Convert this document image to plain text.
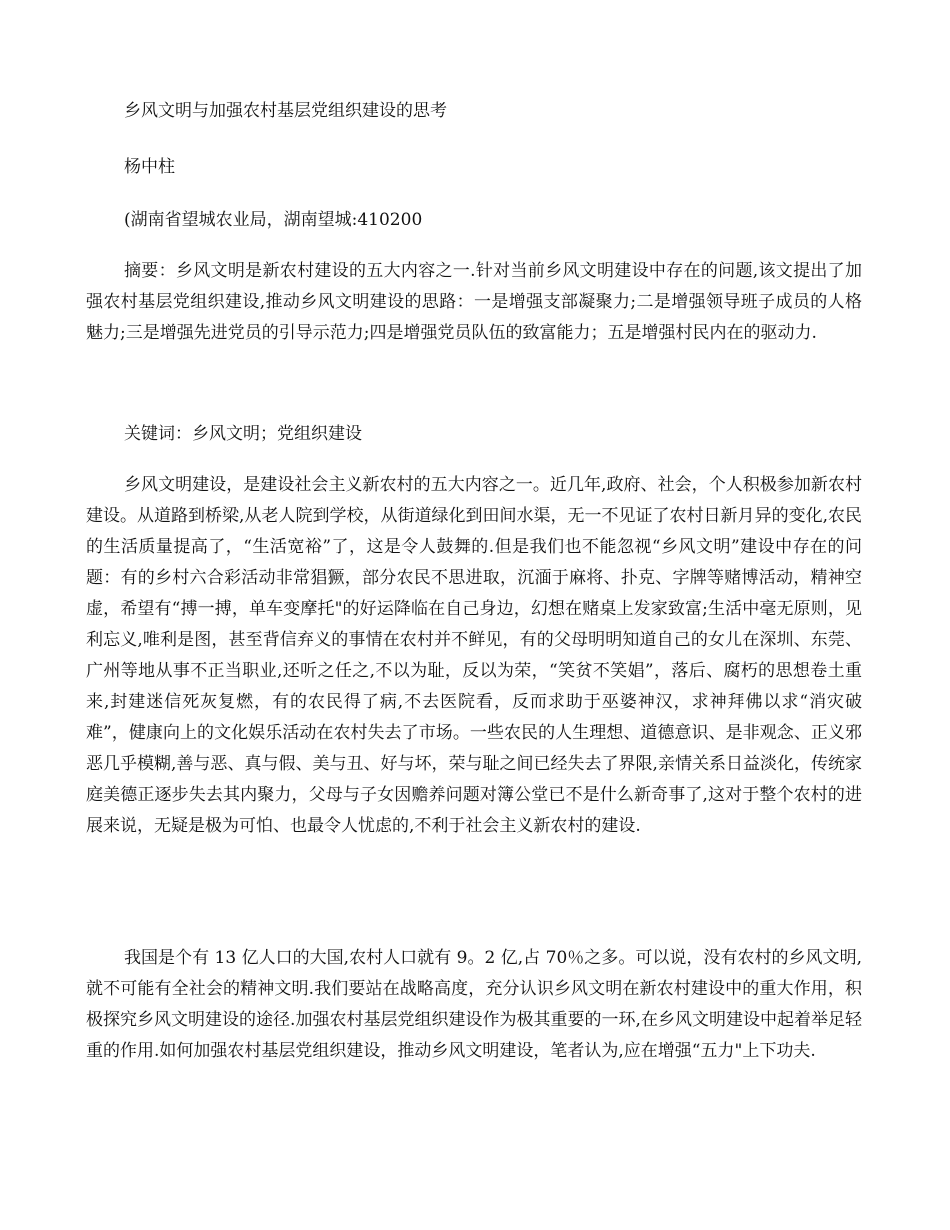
乡风文明与加强农村基层党组织建设的思考
杨中柱
(湖南省望城农业局，湖南望城:410200

摘要：乡风文明是新农村建设的五大内容之一.针对当前乡风文明建设中存在的问题,该文提出了加强农村基层党组织建设,推动乡风文明建设的思路：一是增强支部凝聚力;二是增强领导班子成员的人格魅力;三是增强先进党员的引导示范力;四是增强党员队伍的致富能力；五是增强村民内在的驱动力.

关键词：乡风文明；党组织建设

乡风文明建设，是建设社会主义新农村的五大内容之一。近几年,政府、社会，个人积极参加新农村建设。从道路到桥梁,从老人院到学校，从街道绿化到田间水渠，无一不见证了农村日新月异的变化,农民的生活质量提高了，“生活宽裕”了，这是令人鼓舞的.但是我们也不能忽视“乡风文明”建设中存在的问题：有的乡村六合彩活动非常猖獗，部分农民不思进取，沉湎于麻将、扑克、字牌等赌博活动，精神空虚，希望有“搏一搏，单车变摩托"的好运降临在自己身边，幻想在赌桌上发家致富;生活中毫无原则，见利忘义,唯利是图，甚至背信弃义的事情在农村并不鲜见，有的父母明明知道自己的女儿在深圳、东莞、广州等地从事不正当职业,还听之任之,不以为耻，反以为荣，“笑贫不笑娼”，落后、腐朽的思想卷土重来,封建迷信死灰复燃，有的农民得了病,不去医院看，反而求助于巫婆神汉，求神拜佛以求“消灾破难”，健康向上的文化娱乐活动在农村失去了市场。一些农民的人生理想、道德意识、是非观念、正义邪恶几乎模糊,善与恶、真与假、美与丑、好与坏，荣与耻之间已经失去了界限,亲情关系日益淡化，传统家庭美德正逐步失去其内聚力，父母与子女因赡养问题对簿公堂已不是什么新奇事了,这对于整个农村的进展来说，无疑是极为可怕、也最令人忧虑的,不利于社会主义新农村的建设.

我国是个有 13 亿人口的大国,农村人口就有 9。2 亿,占 70％之多。可以说，没有农村的乡风文明,就不可能有全社会的精神文明.我们要站在战略高度，充分认识乡风文明在新农村建设中的重大作用，积极探究乡风文明建设的途径.加强农村基层党组织建设作为极其重要的一环,在乡风文明建设中起着举足轻重的作用.如何加强农村基层党组织建设，推动乡风文明建设，笔者认为,应在增强“五力"上下功夫.
